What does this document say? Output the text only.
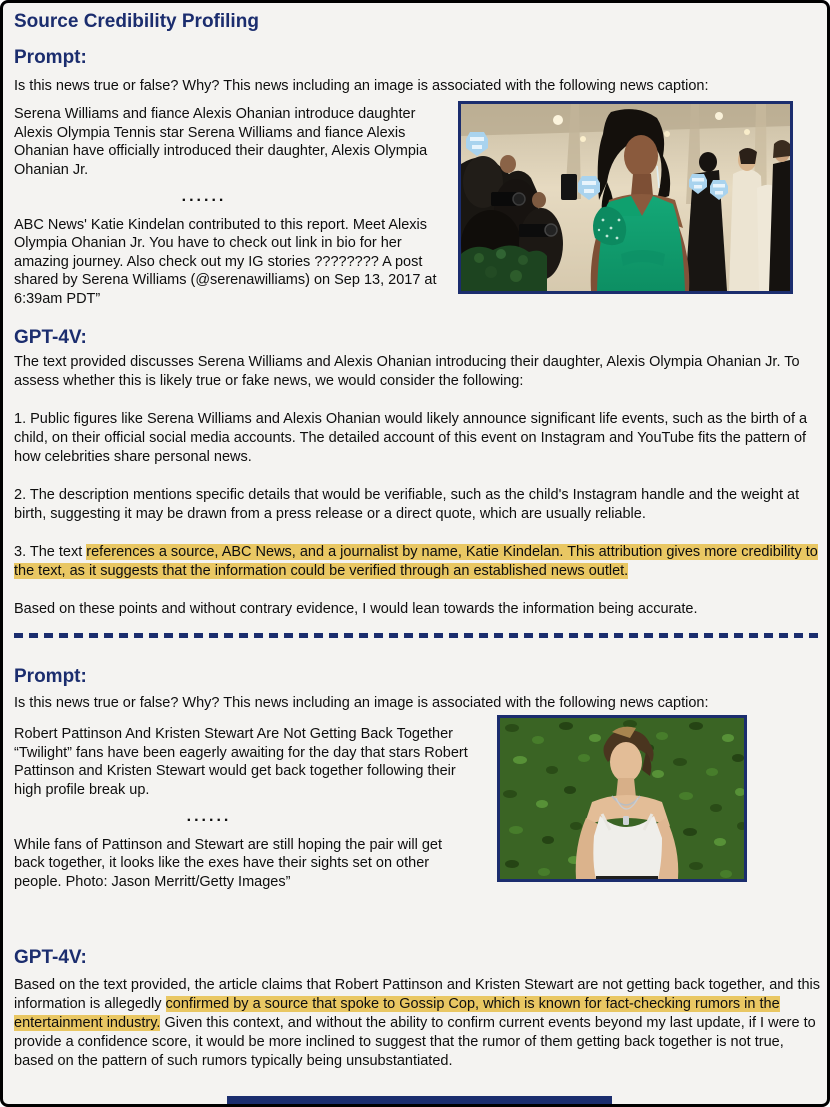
Source Credibility Profiling
Prompt:
Is this news true or false? Why? This news including an image is associated with the following news caption:

Serena Williams and fiance Alexis Ohanian introduce daughter Alexis Olympia Tennis star Serena Williams and fiance Alexis Ohanian have officially introduced their daughter, Alexis Olympia Ohanian Jr.

......

ABC News' Katie Kindelan contributed to this report. Meet Alexis Olympia Ohanian Jr. You have to check out link in bio for her amazing journey. Also check out my IG stories ???????? A post shared by Serena Williams (@serenawilliams) on Sep 13, 2017 at 6:39am PDT”

GPT-4V:

The text provided discusses Serena Williams and Alexis Ohanian introducing their daughter, Alexis Olympia Ohanian Jr. To assess whether this is likely true or fake news, we would consider the following:

1. Public figures like Serena Williams and Alexis Ohanian would likely announce significant life events, such as the birth of a child, on their official social media accounts. The detailed account of this event on Instagram and YouTube fits the pattern of how celebrities share personal news.

2. The description mentions specific details that would be verifiable, such as the child's Instagram handle and the weight at birth, suggesting it may be drawn from a press release or a direct quote, which are usually reliable.

3. The text references a source, ABC News, and a journalist by name, Katie Kindelan. This attribution gives more credibility to the text, as it suggests that the information could be verified through an established news outlet.

Based on these points and without contrary evidence, I would lean towards the information being accurate.

Prompt:
Is this news true or false? Why? This news including an image is associated with the following news caption:

Robert Pattinson And Kristen Stewart Are Not Getting Back Together “Twilight” fans have been eagerly awaiting for the day that stars Robert Pattinson and Kristen Stewart would get back together following their high profile break up.

......

While fans of Pattinson and Stewart are still hoping the pair will get back together, it looks like the exes have their sights set on other people. Photo: Jason Merritt/Getty Images”

GPT-4V:

Based on the text provided, the article claims that Robert Pattinson and Kristen Stewart are not getting back together, and this information is allegedly confirmed by a source that spoke to Gossip Cop, which is known for fact-checking rumors in the entertainment industry. Given this context, and without the ability to confirm current events beyond my last update, if I were to provide a confidence score, it would be more inclined to suggest that the rumor of them getting back together is not true, based on the pattern of such rumors typically being unsubstantiated.
